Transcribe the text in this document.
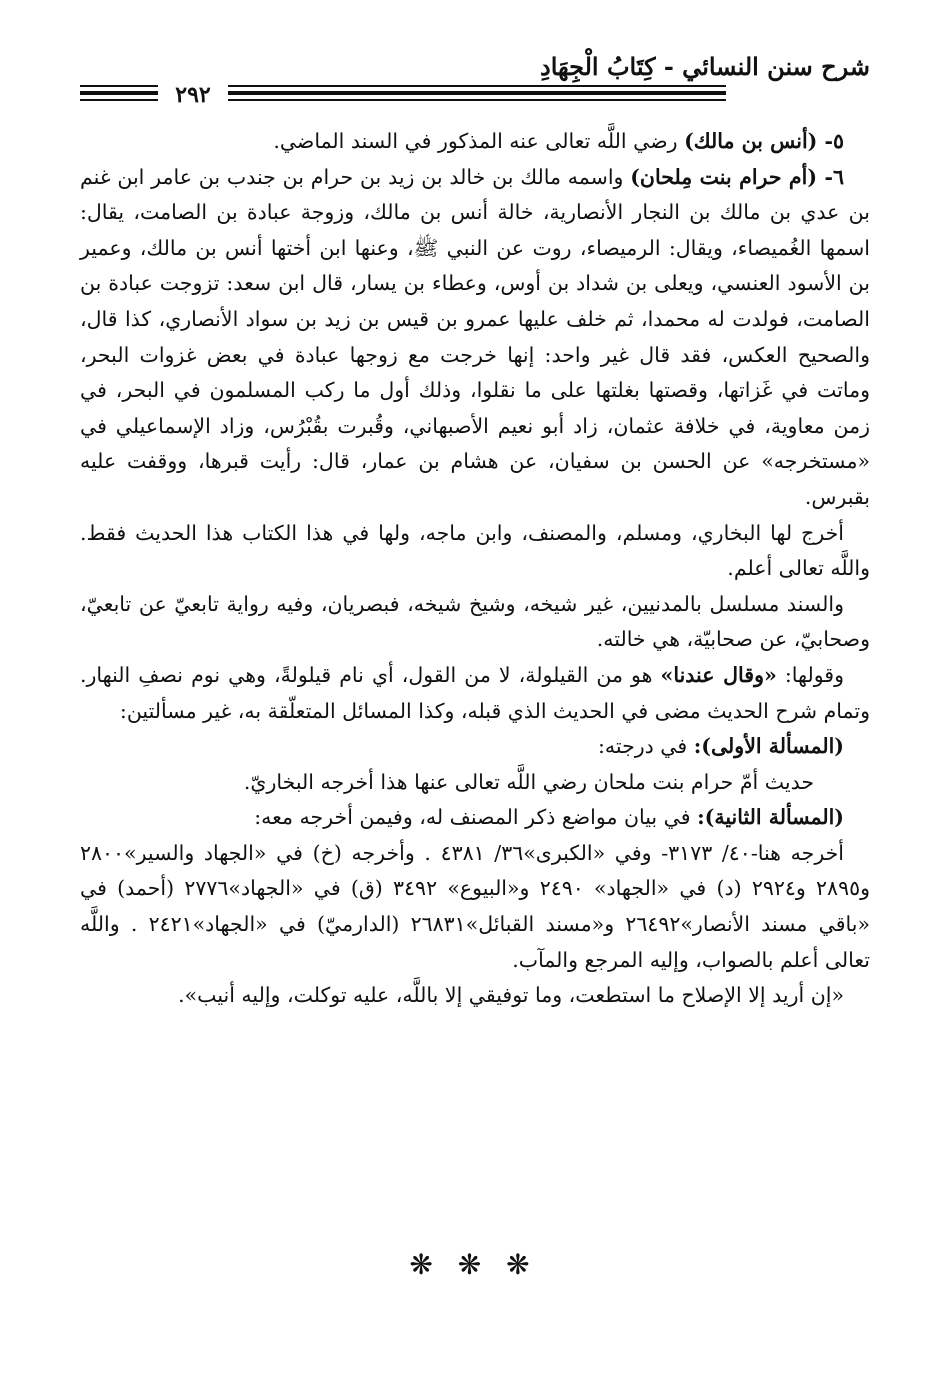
شرح سنن النسائي - كِتَابُ الْجِهَادِ
٢٩٢

٥- (أنس بن مالك) رضي اللَّه تعالى عنه المذكور في السند الماضي.

٦- (أم حرام بنت مِلحان) واسمه مالك بن خالد بن زيد بن حرام بن جندب بن عامر ابن غنم بن عدي بن مالك بن النجار الأنصارية، خالة أنس بن مالك، وزوجة عبادة بن الصامت، يقال: اسمها الغُميصاء، ويقال: الرميصاء، روت عن النبي ﷺ، وعنها ابن أختها أنس بن مالك، وعمير بن الأسود العنسي، ويعلى بن شداد بن أوس، وعطاء بن يسار، قال ابن سعد: تزوجت عبادة بن الصامت، فولدت له محمدا، ثم خلف عليها عمرو بن قيس بن زيد بن سواد الأنصاري، كذا قال، والصحيح العكس، فقد قال غير واحد: إنها خرجت مع زوجها عبادة في بعض غزوات البحر، وماتت في غَزاتها، وقصتها بغلتها على ما نقلوا، وذلك أول ما ركب المسلمون في البحر، في زمن معاوية، في خلافة عثمان، زاد أبو نعيم الأصبهاني، وقُبرت بقُبْرُس، وزاد الإسماعيلي في «مستخرجه» عن الحسن بن سفيان، عن هشام بن عمار، قال: رأيت قبرها، ووقفت عليه بقبرس.

أخرج لها البخاري، ومسلم، والمصنف، وابن ماجه، ولها في هذا الكتاب هذا الحديث فقط. واللَّه تعالى أعلم.

والسند مسلسل بالمدنيين، غير شيخه، وشيخ شيخه، فبصريان، وفيه رواية تابعيّ عن تابعيّ، وصحابيّ، عن صحابيّة، هي خالته.

وقولها: «وقال عندنا» هو من القيلولة، لا من القول، أي نام قيلولةً، وهي نوم نصفِ النهار. وتمام شرح الحديث مضى في الحديث الذي قبله، وكذا المسائل المتعلّقة به، غير مسألتين:

(المسألة الأولى): في درجته:

حديث أمّ حرام بنت ملحان رضي اللَّه تعالى عنها هذا أخرجه البخاريّ.

(المسألة الثانية): في بيان مواضع ذكر المصنف له، وفيمن أخرجه معه:

أخرجه هنا-٤٠/ ٣١٧٣- وفي «الكبرى»٣٦/ ٤٣٨١ . وأخرجه (خ) في «الجهاد والسير»٢٨٠٠ و٢٨٩٥ و٢٩٢٤ (د) في «الجهاد» ٢٤٩٠ و«البيوع» ٣٤٩٢ (ق) في «الجهاد»٢٧٧٦ (أحمد) في «باقي مسند الأنصار»٢٦٤٩٢ و«مسند القبائل»٢٦٨٣١ (الدارميّ) في «الجهاد»٢٤٢١ . واللَّه تعالى أعلم بالصواب، وإليه المرجع والمآب.

«إن أريد إلا الإصلاح ما استطعت، وما توفيقي إلا باللَّه، عليه توكلت، وإليه أنيب».

❋ ❋ ❋
